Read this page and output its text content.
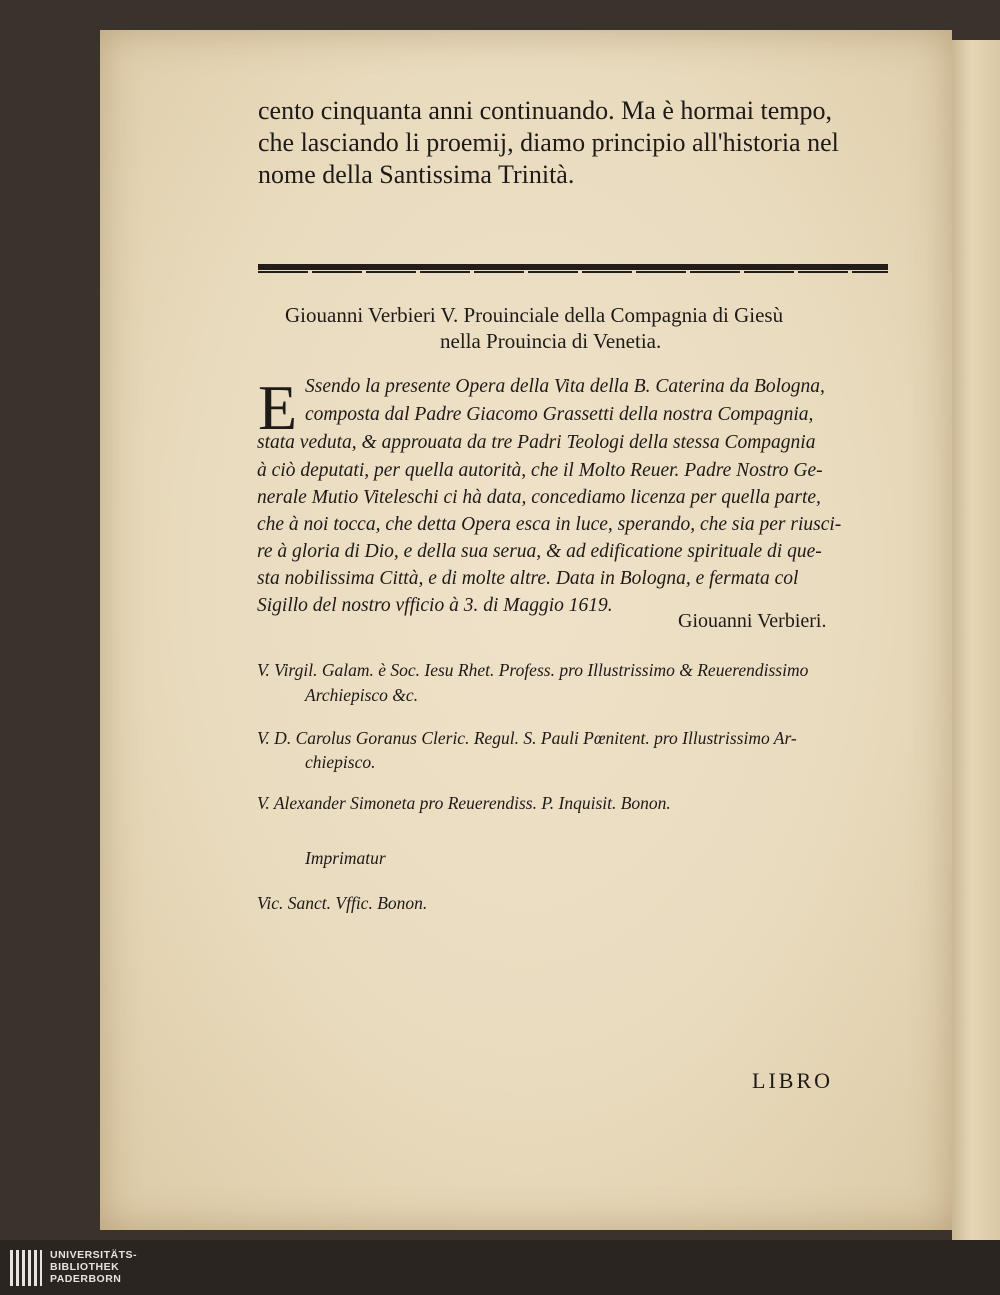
cento cinquanta anni continuando. Ma è hormai tempo,
che lasciando li proemij, diamo principio all'historia nel
nome della Santissima Trinità.
Giouanni Verbieri V. Prouinciale della Compagnia di Giesù
nella Prouincia di Venetia.
E Ssendo la presente Opera della Vita della B. Caterina da Bologna,
composta dal Padre Giacomo Grassetti della nostra Compagnia,
stata veduta, & approuata da tre Padri Teologi della stessa Compagnia
à ciò deputati, per quella autorità, che il Molto Reuer. Padre Nostro Ge-
nerale Mutio Viteleschi ci hà data, concediamo licenza per quella parte,
che à noi tocca, che detta Opera esca in luce, sperando, che sia per riusci-
re à gloria di Dio, e della sua serua, & ad edificatione spirituale di que-
sta nobilissima Città, e di molte altre. Data in Bologna, e fermata col
Sigillo del nostro vfficio à 3. di Maggio 1619.
Giouanni Verbieri.
V. Virgil. Galam. è Soc. Iesu Rhet. Profess. pro Illustrissimo & Reuerendissimo
Archiepiscо &c.
V. D. Carolus Goranus Cleric. Regul. S. Pauli Pœnitent. pro Illustrissimo Ar-
chiepisco.
V. Alexander Simoneta pro Reuerendiss. P. Inquisit. Bonon.
Imprimatur
Vic. Sanct. Vffic. Bonon.
LIBRO
UNIVERSITÄTS-
BIBLIOTHEK
PADERBORN
